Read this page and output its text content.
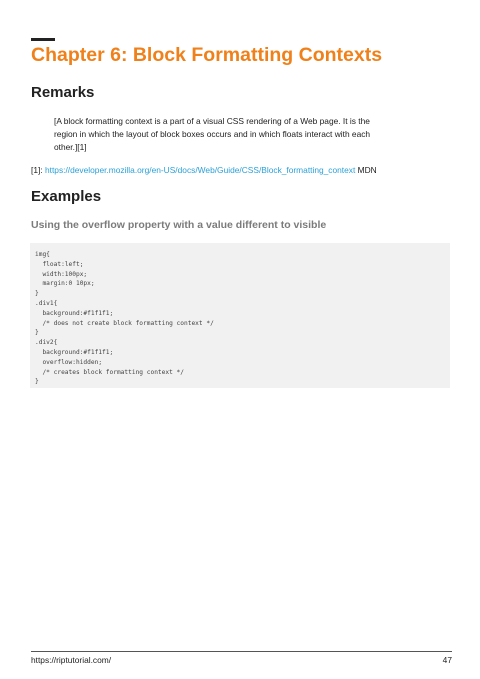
Chapter 6: Block Formatting Contexts
Remarks
[A block formatting context is a part of a visual CSS rendering of a Web page. It is the
region in which the layout of block boxes occurs and in which floats interact with each
other.][1]

[1]: https://developer.mozilla.org/en-US/docs/Web/Guide/CSS/Block_formatting_context MDN

Examples
Using the overflow property with a value different to visible
img{
float:left;
width:100px;
margin:0 10px;
}
.div1{
background:#f1f1f1;
/* does not create block formatting context */
}
.div2{
background:#f1f1f1;
overflow:hidden;
/* creates block formatting context */
}

https://riptutorial.com/	47
